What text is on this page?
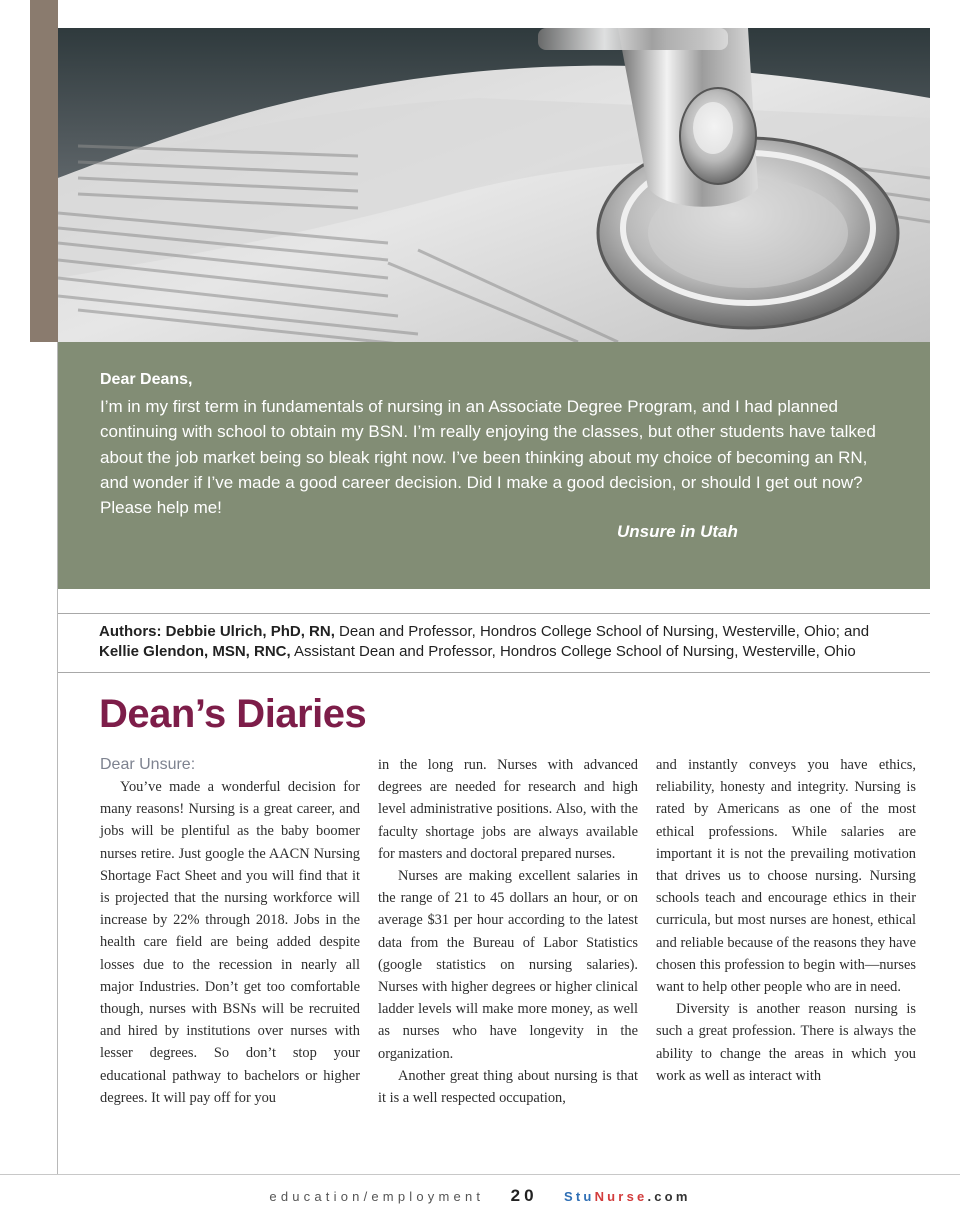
Dear Deans,
I’m in my first term in fundamentals of nursing in an Associate Degree Program, and I had planned continuing with school to obtain my BSN. I’m really enjoying the classes, but other students have talked about the job market being so bleak right now. I’ve been thinking about my choice of becoming an RN, and wonder if I’ve made a good career decision. Did I make a good decision, or should I get out now? Please help me!
Unsure in Utah
Authors: Debbie Ulrich, PhD, RN, Dean and Professor, Hondros College School of Nursing, Westerville, Ohio; and
Kellie Glendon, MSN, RNC, Assistant Dean and Professor, Hondros College School of Nursing, Westerville, Ohio
Dean’s Diaries
Dear Unsure:

You’ve made a wonderful decision for many reasons! Nursing is a great career, and jobs will be plentiful as the baby boomer nurses retire. Just google the AACN Nursing Shortage Fact Sheet and you will find that it is projected that the nursing workforce will increase by 22% through 2018. Jobs in the health care field are being added despite losses due to the recession in nearly all major Industries. Don’t get too comfortable though, nurses with BSNs will be recruited and hired by institutions over nurses with lesser degrees. So don’t stop your educational pathway to bachelors or higher degrees. It will pay off for you

in the long run. Nurses with advanced degrees are needed for research and high level administrative positions. Also, with the faculty shortage jobs are always available for masters and doctoral prepared nurses.

Nurses are making excellent salaries in the range of 21 to 45 dollars an hour, or on average $31 per hour according to the latest data from the Bureau of Labor Statistics (google statistics on nursing salaries). Nurses with higher degrees or higher clinical ladder levels will make more money, as well as nurses who have longevity in the organization.

Another great thing about nursing is that it is a well respected occupation,

and instantly conveys you have ethics, reliability, honesty and integrity. Nursing is rated by Americans as one of the most ethical professions. While salaries are important it is not the prevailing motivation that drives us to choose nursing. Nursing schools teach and encourage ethics in their curricula, but most nurses are honest, ethical and reliable because of the reasons they have chosen this profession to begin with—nurses want to help other people who are in need.

Diversity is another reason nursing is such a great profession. There is always the ability to change the areas in which you work as well as interact with

education/employment 20 StuNurse.com
